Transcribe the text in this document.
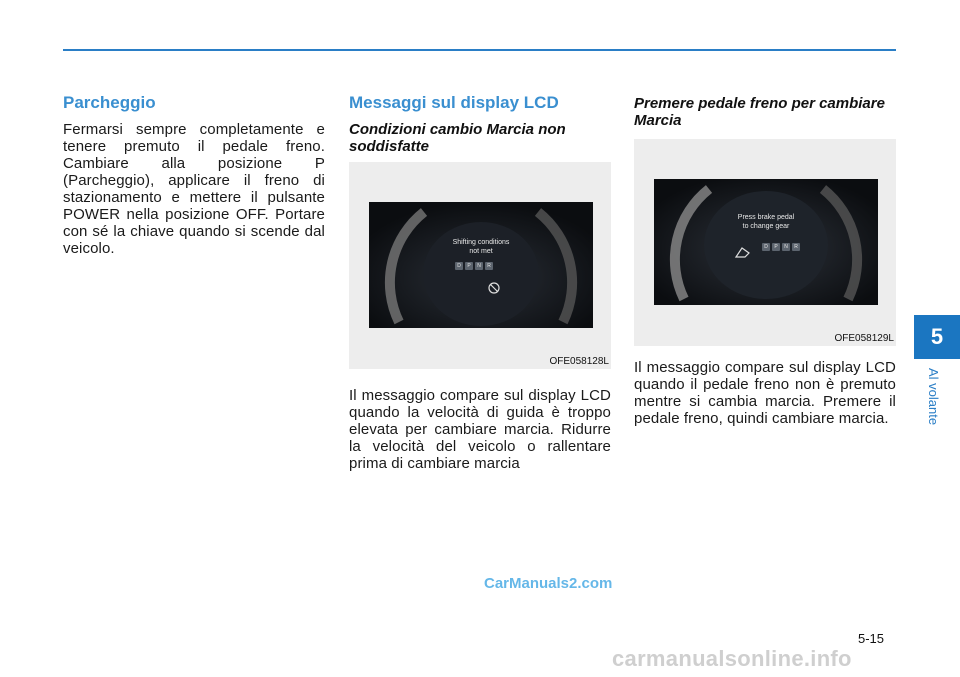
Parcheggio

Fermarsi sempre completamente e tenere premuto il pedale freno. Cambiare alla posizione P (Parcheggio), applicare il freno di stazionamento e mettere il pulsante POWER nella posizione OFF. Portare con sé la chiave quando si scende dal veicolo.

Messaggi sul display LCD
Condizioni cambio Marcia non soddisfatte
Shifting conditions
not met
D	P	N	R
OFE058128L

Il messaggio compare sul display LCD quando la velocità di guida è troppo elevata per cambiare marcia. Ridurre la velocità del veicolo o rallentare prima di cambiare marcia

Premere pedale freno per cambiare Marcia
Press brake pedal
to change gear
D	P	N	R
OFE058129L

Il messaggio compare sul display LCD quando il pedale freno non è premuto mentre si cambia marcia. Premere il pedale freno, quindi cambiare marcia.

5
Al volante
CarManuals2.com
5-15
carmanualsonline.info
